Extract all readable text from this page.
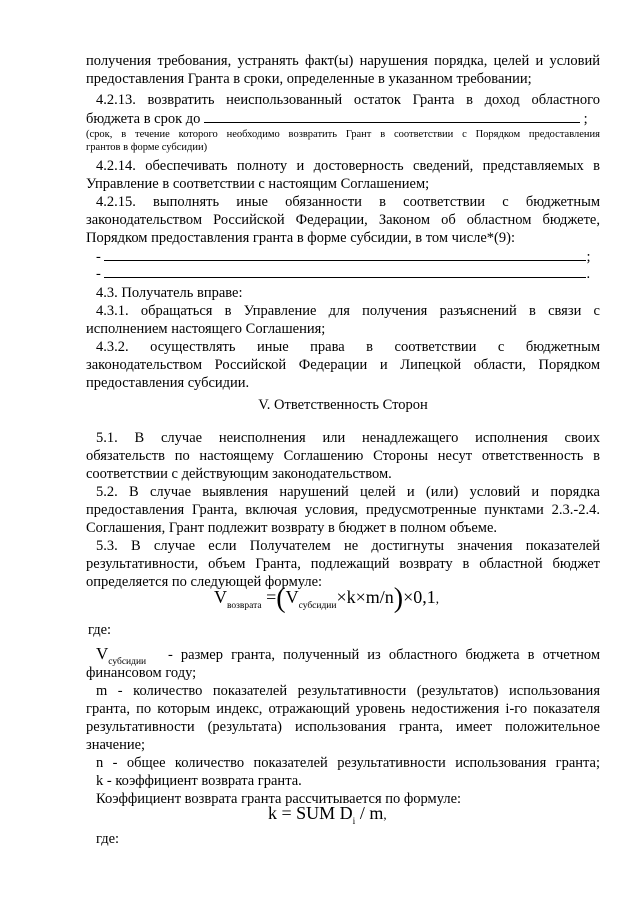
получения требования, устранять факт(ы) нарушения порядка, целей и условий
предоставления Гранта в сроки, определенные в указанном требовании;
4.2.13. возвратить неиспользованный остаток Гранта в доход областного
бюджета в срок до	;
(срок, в течение которого необходимо возвратить Грант в соответствии с Порядком предоставления
грантов в форме субсидии)
4.2.14. обеспечивать полноту и достоверность сведений, представляемых в
Управление в соответствии с настоящим Соглашением;
4.2.15. выполнять иные обязанности в соответствии с бюджетным
законодательством Российской Федерации, Законом об областном бюджете,
Порядком предоставления гранта в форме субсидии, в том числе*(9):
-	;
-	.
4.3. Получатель вправе:
4.3.1. обращаться в Управление для получения разъяснений в связи с
исполнением настоящего Соглашения;
4.3.2. осуществлять иные права в соответствии с бюджетным
законодательством Российской Федерации и Липецкой области, Порядком
предоставления субсидии.
V. Ответственность Сторон
5.1. В случае неисполнения или ненадлежащего исполнения своих
обязательств по настоящему Соглашению Стороны несут ответственность в
соответствии с действующим законодательством.
5.2. В случае выявления нарушений целей и (или) условий и порядка
предоставления Гранта, включая условия, предусмотренные пунктами 2.3.-2.4.
Соглашения, Грант подлежит возврату в бюджет в полном объеме.
5.3. В случае если Получателем не достигнуты значения показателей
результативности, объем Гранта, подлежащий возврату в областной бюджет
определяется по следующей формуле:
$V_{возврата} =(V_{субсидии}\times k\times m/n)\times 0,1$,
где:
$V_{субсидии}$	- размер гранта, полученный из областного бюджета в отчетном
финансовом году;
m - количество показателей результативности (результатов) использования
гранта, по которым индекс, отражающий уровень недостижения i-го показателя
результативности (результата) использования гранта, имеет положительное
значение;
n - общее количество показателей результативности использования гранта;
k - коэффициент возврата гранта.
Коэффициент возврата гранта рассчитывается по формуле:
k = SUM $D_i$ / m,
где:
